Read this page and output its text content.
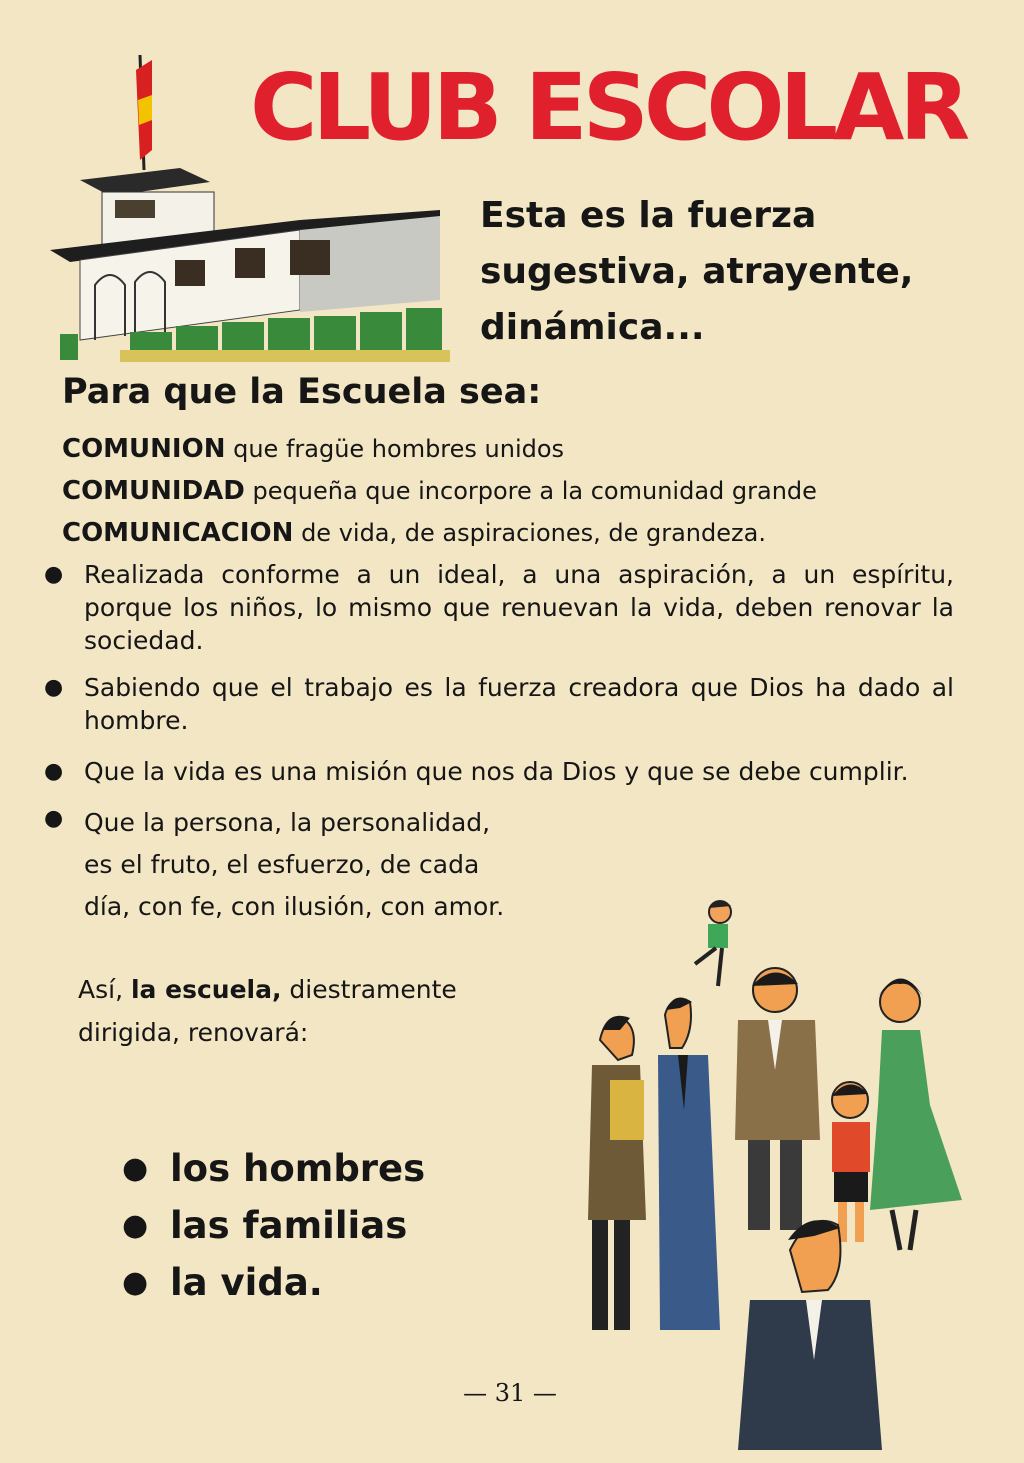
CLUB ESCOLAR
Esta es la fuerza
sugestiva, atrayente,
dinámica...
Para que la Escuela sea:
COMUNION que fragüe hombres unidos
COMUNIDAD pequeña que incorpore a la comunidad grande
COMUNICACION de vida, de aspiraciones, de grandeza.
● Realizada conforme a un ideal, a una aspiración, a un espíritu, porque los niños, lo mismo que renuevan la vida, deben renovar la sociedad.
● Sabiendo que el trabajo es la fuerza creadora que Dios ha dado al hombre.
● Que la vida es una misión que nos da Dios y que se debe cumplir.
● Que la persona, la personalidad, es el fruto, el esfuerzo, de cada día, con fe, con ilusión, con amor.
Así, la escuela, diestramente dirigida, renovará:
● los hombres
● las familias
● la vida.
— 31 —
